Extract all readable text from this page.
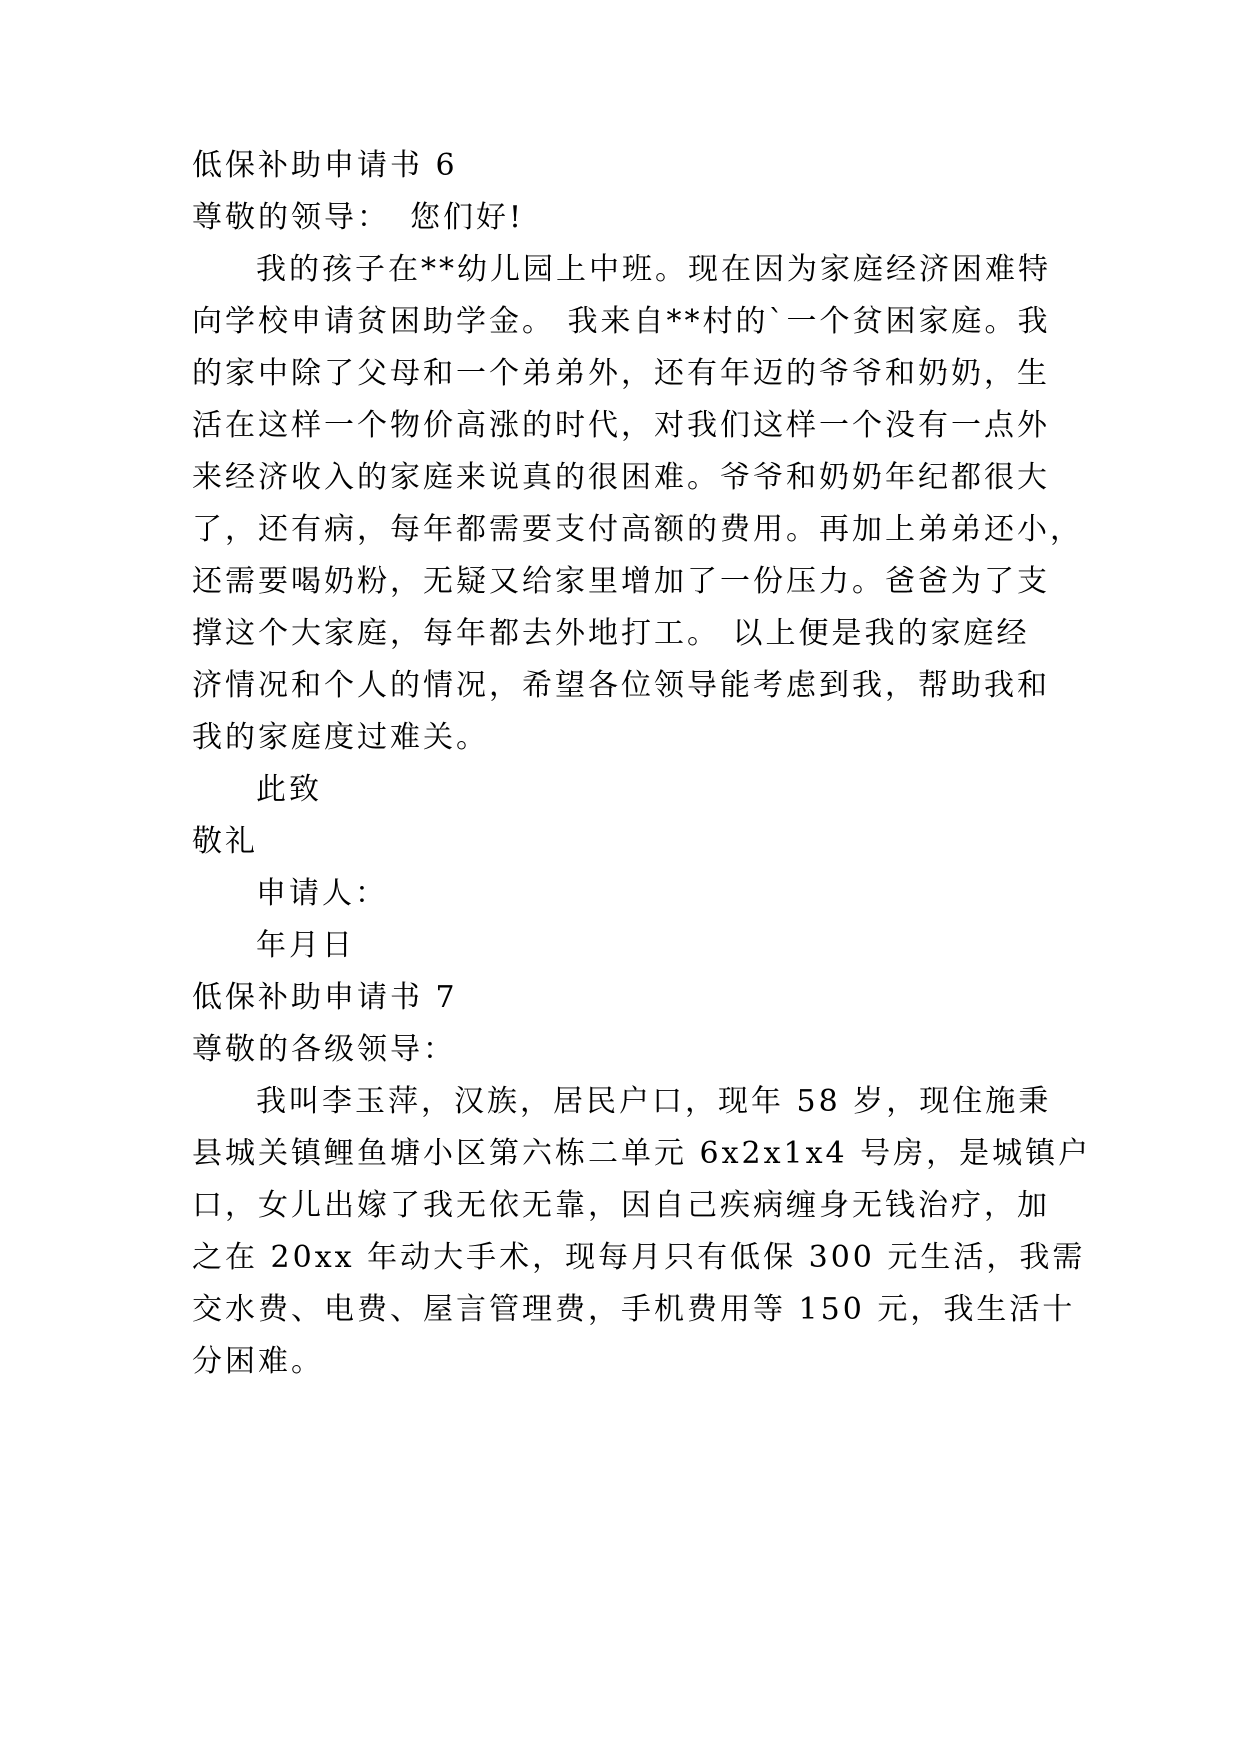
低保补助申请书 6
尊敬的领导： 您们好!
我的孩子在**幼儿园上中班。现在因为家庭经济困难特
向学校申请贫困助学金。 我来自**村的`一个贫困家庭。我
的家中除了父母和一个弟弟外，还有年迈的爷爷和奶奶，生
活在这样一个物价高涨的时代，对我们这样一个没有一点外
来经济收入的家庭来说真的很困难。爷爷和奶奶年纪都很大
了，还有病，每年都需要支付高额的费用。再加上弟弟还小，
还需要喝奶粉，无疑又给家里增加了一份压力。爸爸为了支
撑这个大家庭，每年都去外地打工。 以上便是我的家庭经
济情况和个人的情况，希望各位领导能考虑到我，帮助我和
我的家庭度过难关。
此致
敬礼
申请人：
年月日
低保补助申请书 7
尊敬的各级领导：
我叫李玉萍，汉族，居民户口，现年 58 岁，现住施秉
县城关镇鲤鱼塘小区第六栋二单元 6x2x1x4 号房，是城镇户
口，女儿出嫁了我无依无靠，因自己疾病缠身无钱治疗，加
之在 20xx 年动大手术，现每月只有低保 300 元生活，我需
交水费、电费、屋言管理费，手机费用等 150 元，我生活十
分困难。
